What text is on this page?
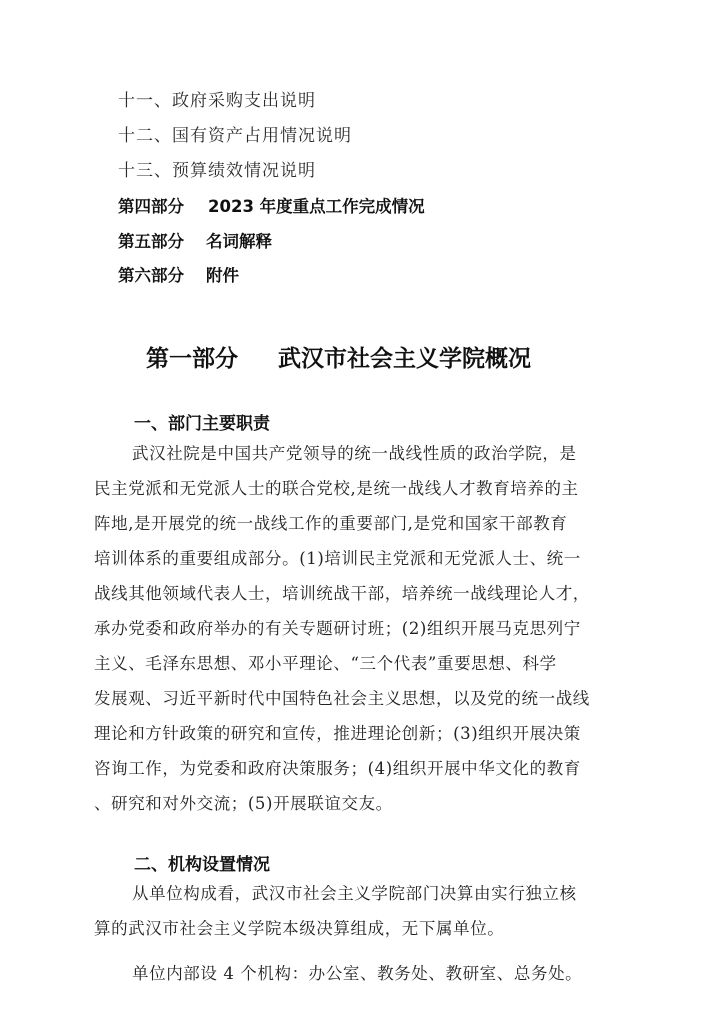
十一、政府采购支出说明
十二、国有资产占用情况说明
十三、预算绩效情况说明
第四部分 2023 年度重点工作完成情况
第五部分 名词解释
第六部分 附件
第一部分 武汉市社会主义学院概况
一、部门主要职责
武汉社院是中国共产党领导的统一战线性质的政治学院，是
民主党派和无党派人士的联合党校,是统一战线人才教育培养的主
阵地,是开展党的统一战线工作的重要部门,是党和国家干部教育
培训体系的重要组成部分。(1)培训民主党派和无党派人士、统一
战线其他领域代表人士，培训统战干部，培养统一战线理论人才，
承办党委和政府举办的有关专题研讨班；(2)组织开展马克思列宁
主义、毛泽东思想、邓小平理论、“三个代表”重要思想、科学
发展观、习近平新时代中国特色社会主义思想，以及党的统一战线
理论和方针政策的研究和宣传，推进理论创新；(3)组织开展决策
咨询工作，为党委和政府决策服务；(4)组织开展中华文化的教育
、研究和对外交流；(5)开展联谊交友。
二、机构设置情况
从单位构成看，武汉市社会主义学院部门决算由实行独立核
算的武汉市社会主义学院本级决算组成，无下属单位。
单位内部设 4 个机构：办公室、教务处、教研室、总务处。
